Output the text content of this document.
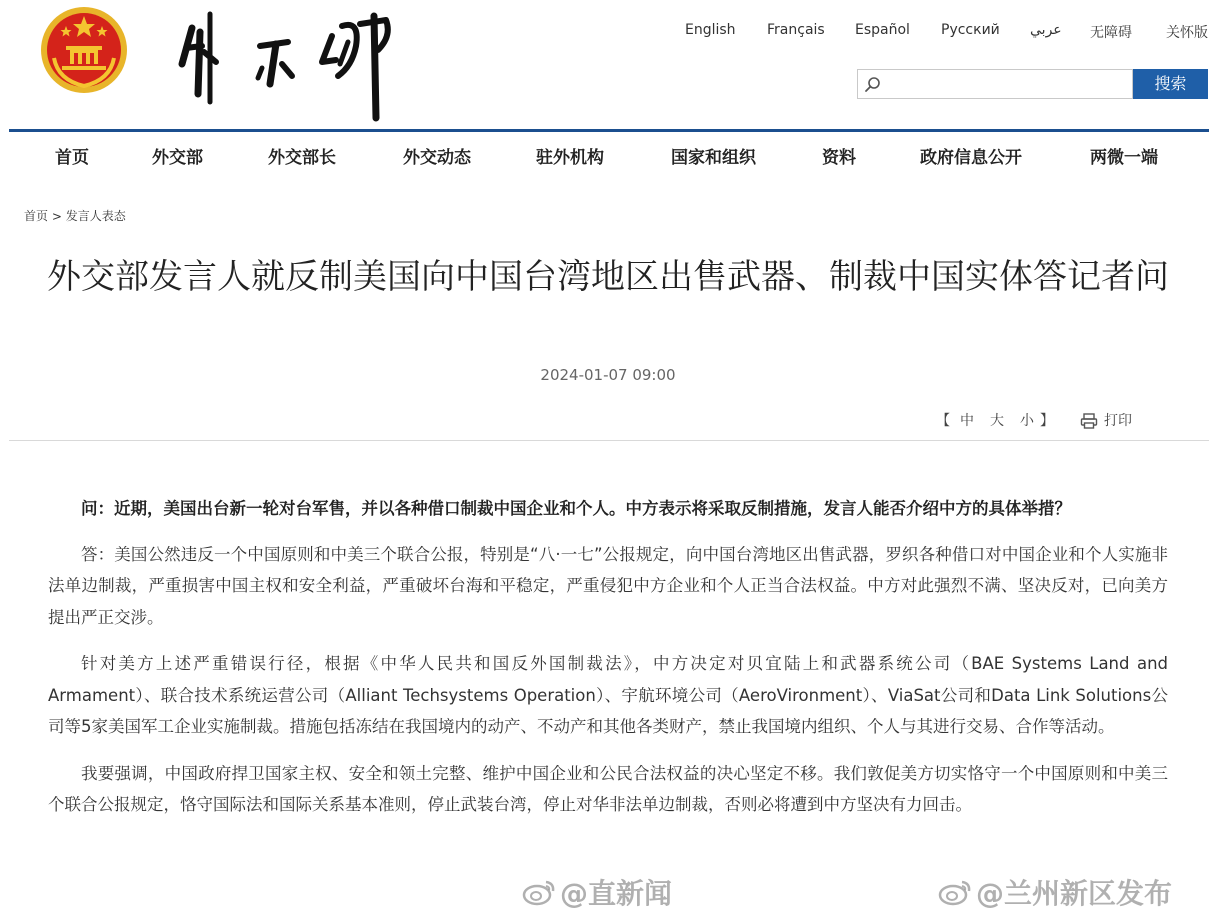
English Français Español Русский عربي 无障碍 关怀版
搜索
首页	外交部	外交部长	外交动态	驻外机构	国家和组织	资料	政府信息公开	两微一端
首页 > 发言人表态
外交部发言人就反制美国向中国台湾地区出售武器、制裁中国实体答记者问
2024-01-07 09:00
【 中 大 小 】	打印

问：近期，美国出台新一轮对台军售，并以各种借口制裁中国企业和个人。中方表示将采取反制措施，发言人能否介绍中方的具体举措？

答：美国公然违反一个中国原则和中美三个联合公报，特别是“八·一七”公报规定，向中国台湾地区出售武器，罗织各种借口对中国企业和个人实施非法单边制裁，严重损害中国主权和安全利益，严重破坏台海和平稳定，严重侵犯中方企业和个人正当合法权益。中方对此强烈不满、坚决反对，已向美方提出严正交涉。

针对美方上述严重错误行径，根据《中华人民共和国反外国制裁法》，中方决定对贝宜陆上和武器系统公司（BAE Systems Land and Armament）、联合技术系统运营公司（Alliant Techsystems Operation）、宇航环境公司（AeroVironment）、ViaSat公司和Data Link Solutions公司等5家美国军工企业实施制裁。措施包括冻结在我国境内的动产、不动产和其他各类财产，禁止我国境内组织、个人与其进行交易、合作等活动。

我要强调，中国政府捍卫国家主权、安全和领土完整、维护中国企业和公民合法权益的决心坚定不移。我们敦促美方切实恪守一个中国原则和中美三个联合公报规定，恪守国际法和国际关系基本准则，停止武装台湾，停止对华非法单边制裁，否则必将遭到中方坚决有力回击。

@直新闻	@兰州新区发布
